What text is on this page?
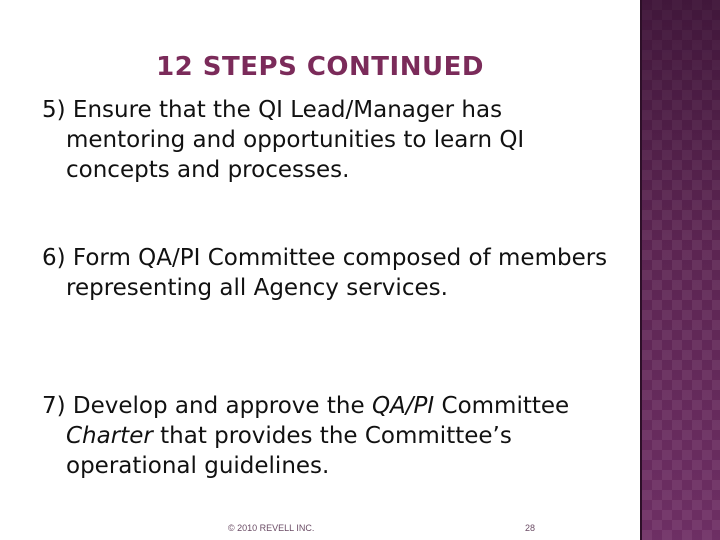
12 STEPS CONTINUED
5) Ensure that the QI Lead/Manager has mentoring and opportunities to learn QI concepts and processes.
6) Form QA/PI Committee composed of members representing all Agency services.
7) Develop and approve the QA/PI Committee Charter that provides the Committee’s operational guidelines.
© 2010 REVELL INC.	28
